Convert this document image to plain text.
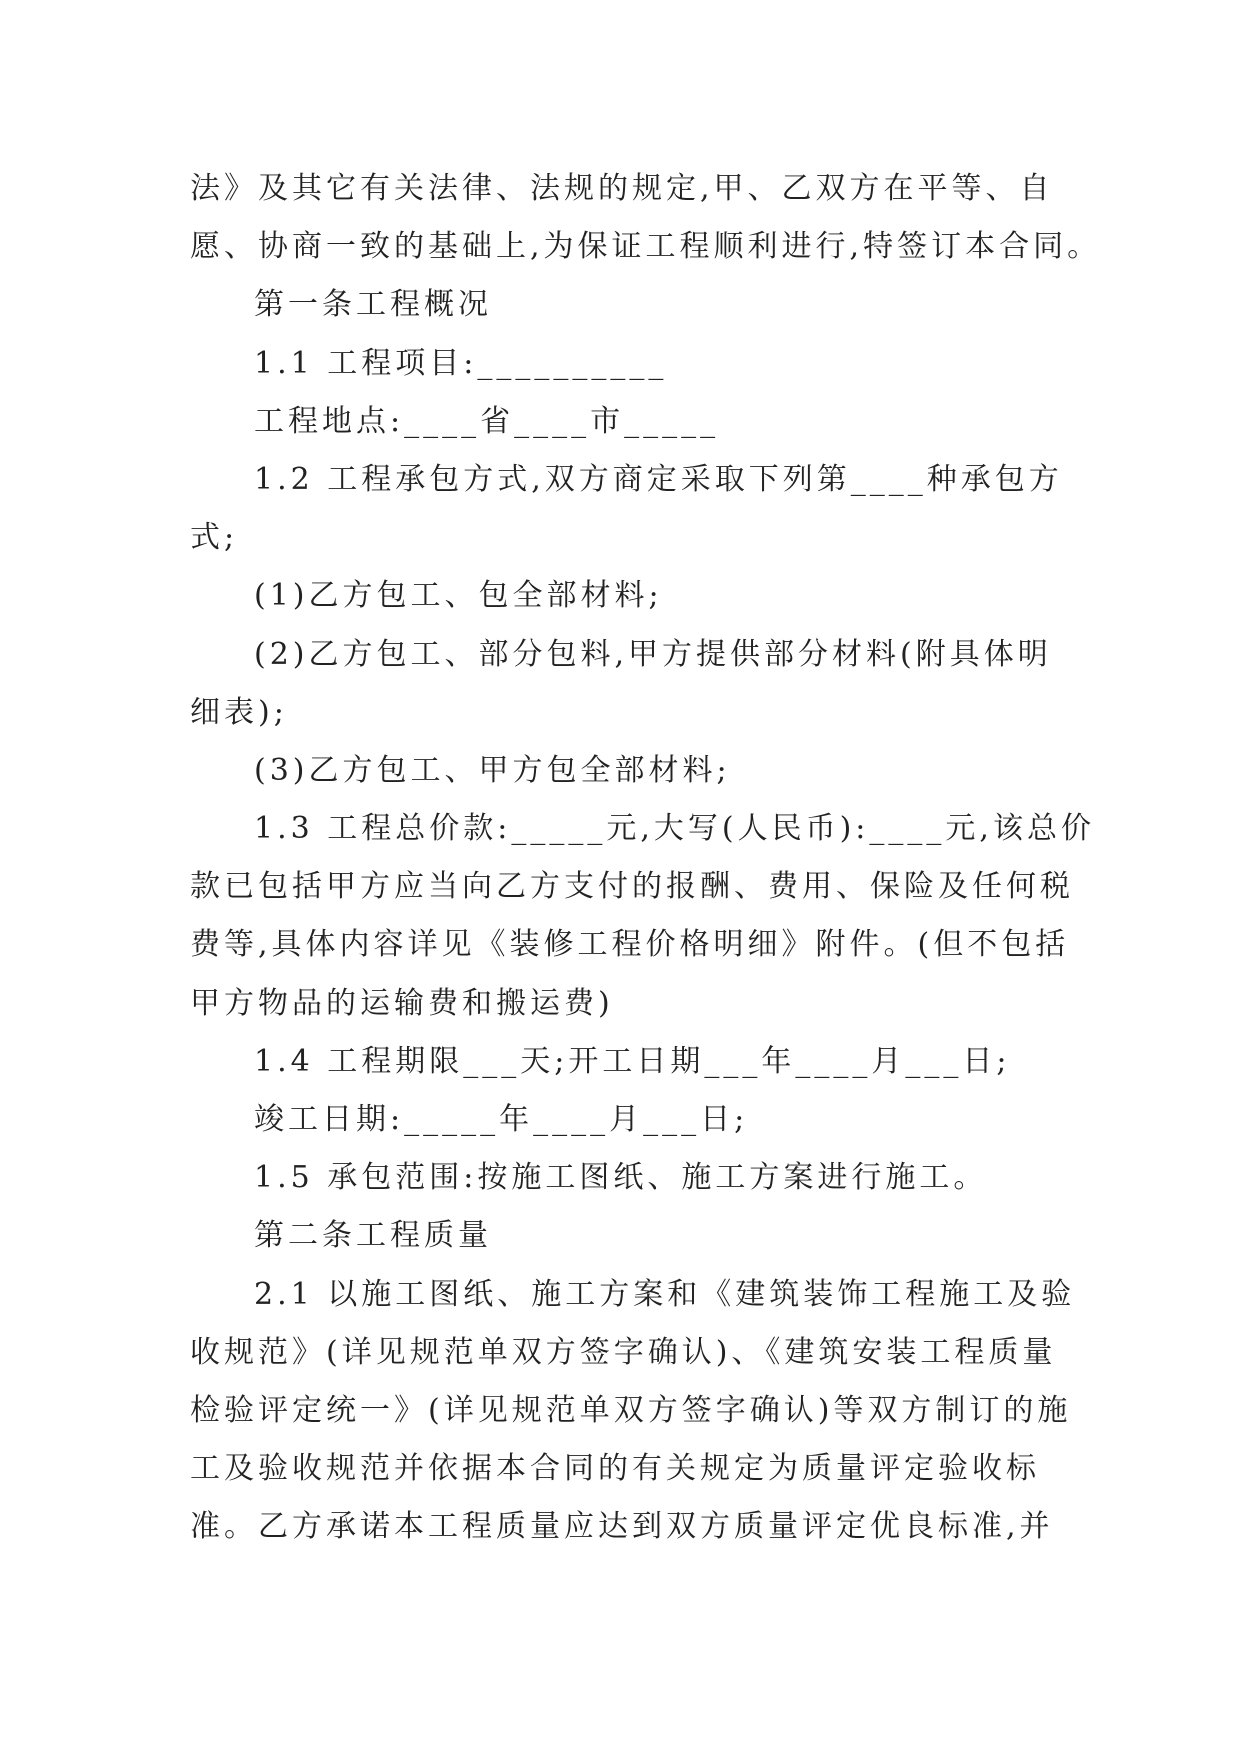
法》及其它有关法律、法规的规定,甲、乙双方在平等、自

愿、协商一致的基础上,为保证工程顺利进行,特签订本合同。

第一条工程概况

1.1 工程项目:__________

工程地点:____省____市_____

1.2 工程承包方式,双方商定采取下列第____种承包方

式;

(1)乙方包工、包全部材料;

(2)乙方包工、部分包料,甲方提供部分材料(附具体明

细表);

(3)乙方包工、甲方包全部材料;

1.3 工程总价款:_____元,大写(人民币):____元,该总价

款已包括甲方应当向乙方支付的报酬、费用、保险及任何税

费等,具体内容详见《装修工程价格明细》附件。(但不包括

甲方物品的运输费和搬运费)

1.4 工程期限___天;开工日期___年____月___日;

竣工日期:_____年____月___日;

1.5 承包范围:按施工图纸、施工方案进行施工。

第二条工程质量

2.1 以施工图纸、施工方案和《建筑装饰工程施工及验

收规范》(详见规范单双方签字确认)、《建筑安装工程质量

检验评定统一》(详见规范单双方签字确认)等双方制订的施

工及验收规范并依据本合同的有关规定为质量评定验收标

准。乙方承诺本工程质量应达到双方质量评定优良标准,并
